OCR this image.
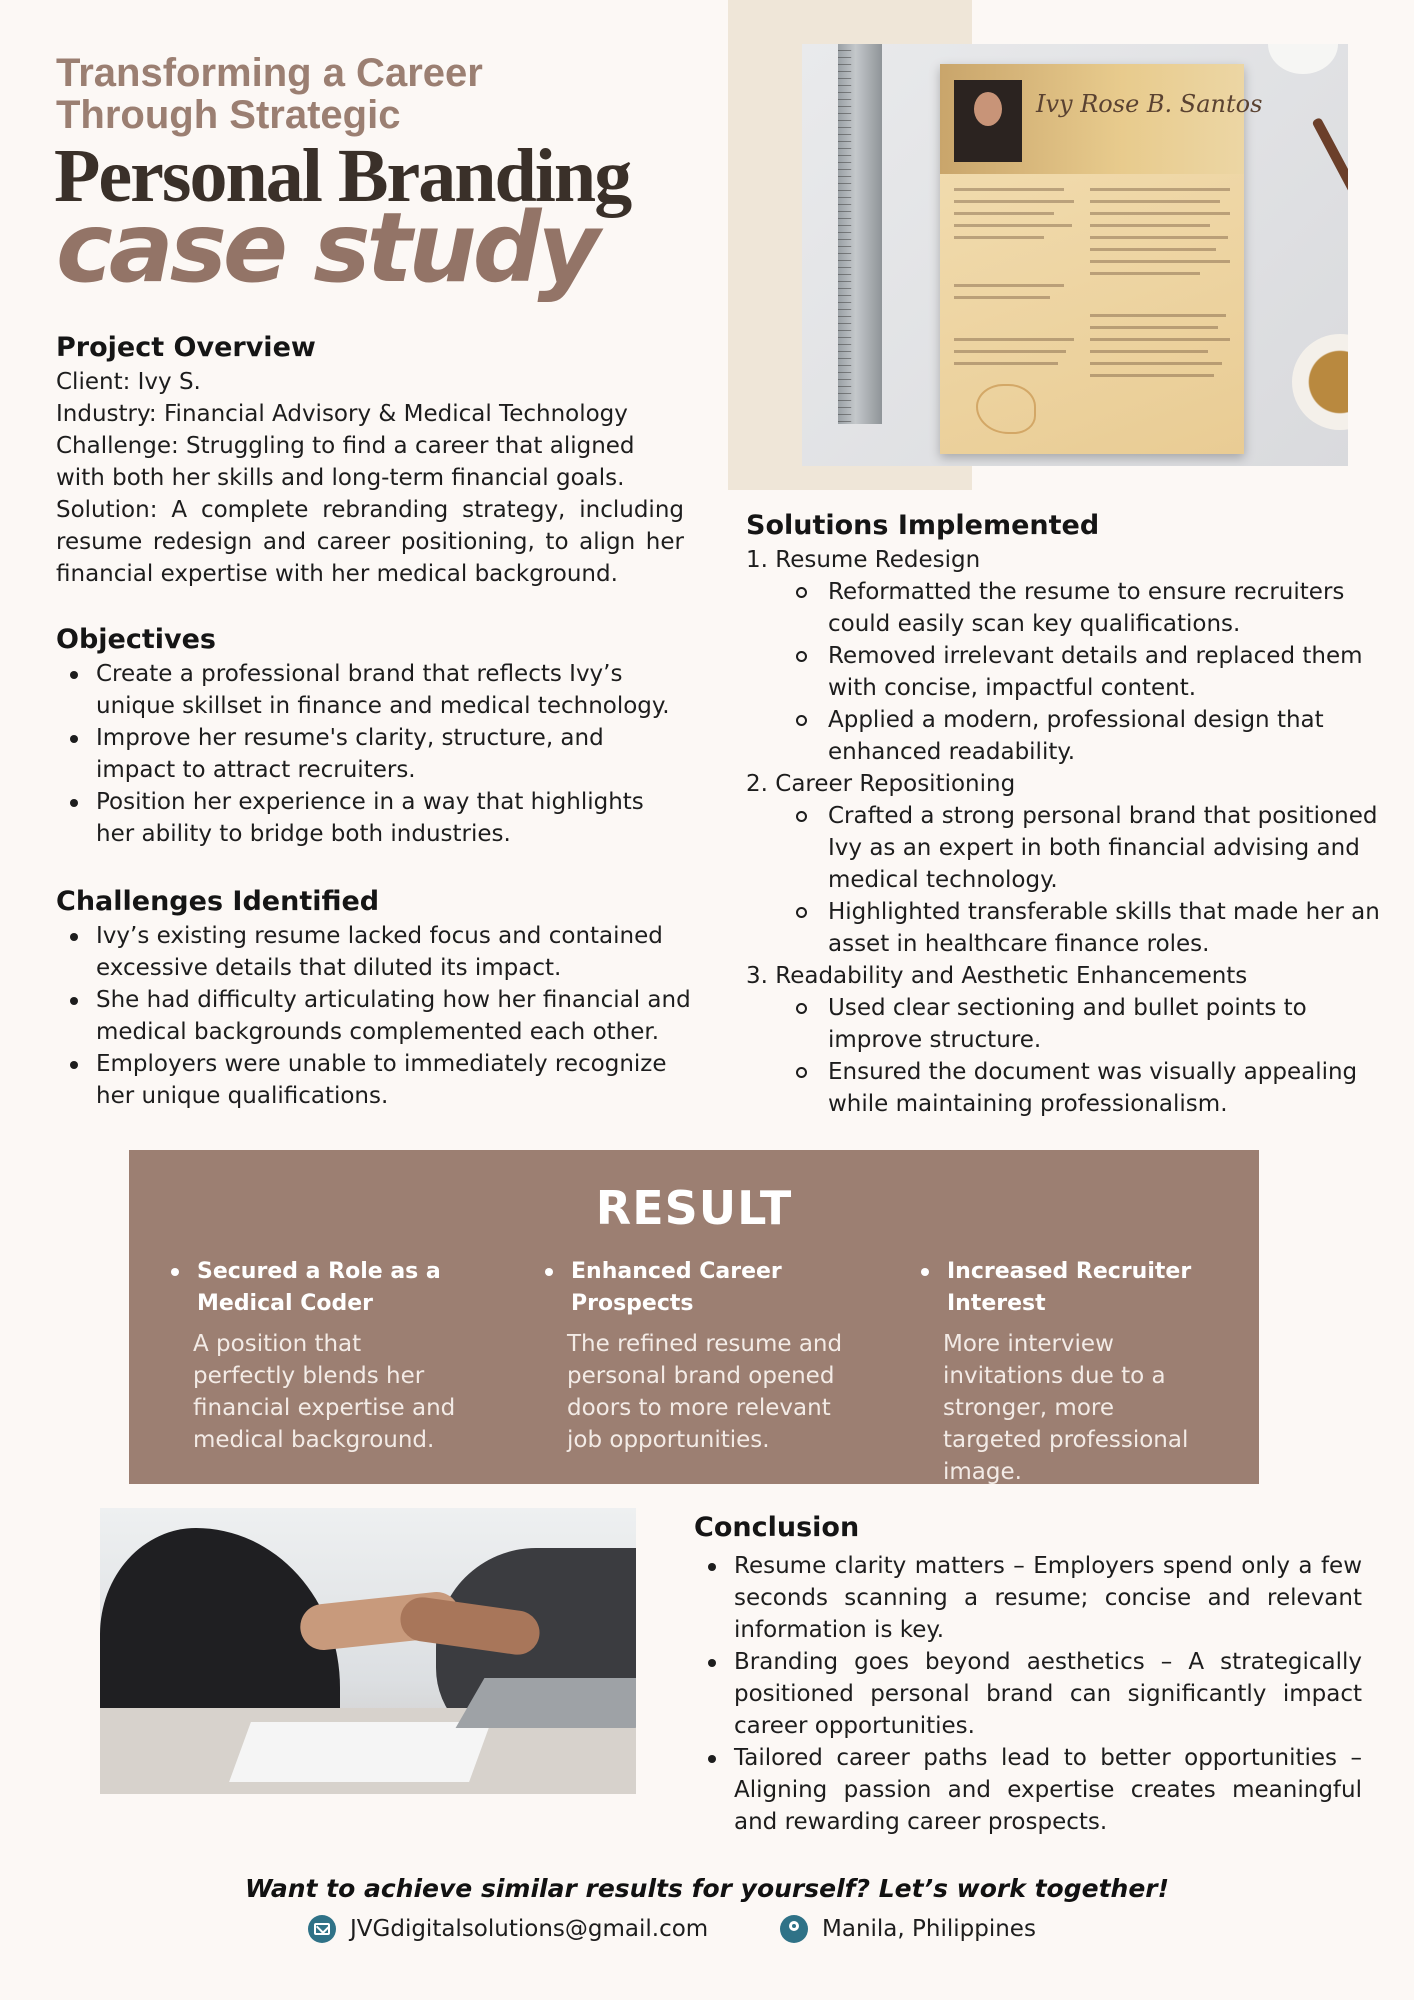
Transforming a Career
Through Strategic
Personal Branding
case study
Project Overview
Client: Ivy S.
Industry: Financial Advisory & Medical Technology
Challenge: Struggling to find a career that aligned with both her skills and long-term financial goals.
Solution: A complete rebranding strategy, including resume redesign and career positioning, to align her financial expertise with her medical background.
Objectives
Create a professional brand that reflects Ivy’s unique skillset in finance and medical technology.
Improve her resume's clarity, structure, and impact to attract recruiters.
Position her experience in a way that highlights her ability to bridge both industries.
Challenges Identified
Ivy’s existing resume lacked focus and contained excessive details that diluted its impact.
She had difficulty articulating how her financial and medical backgrounds complemented each other.
Employers were unable to immediately recognize her unique qualifications.
Ivy Rose B. Santos
Solutions Implemented
1. Resume Redesign
Reformatted the resume to ensure recruiters could easily scan key qualifications.
Removed irrelevant details and replaced them with concise, impactful content.
Applied a modern, professional design that enhanced readability.
2. Career Repositioning
Crafted a strong personal brand that positioned Ivy as an expert in both financial advising and medical technology.
Highlighted transferable skills that made her an asset in healthcare finance roles.
3. Readability and Aesthetic Enhancements
Used clear sectioning and bullet points to improve structure.
Ensured the document was visually appealing while maintaining professionalism.
RESULT
Secured a Role as a Medical Coder
A position that perfectly blends her financial expertise and medical background.
Enhanced Career Prospects
The refined resume and personal brand opened doors to more relevant job opportunities.
Increased Recruiter Interest
More interview invitations due to a stronger, more targeted professional image.
Conclusion
Resume clarity matters – Employers spend only a few seconds scanning a resume; concise and relevant information is key.
Branding goes beyond aesthetics – A strategically positioned personal brand can significantly impact career opportunities.
Tailored career paths lead to better opportunities – Aligning passion and expertise creates meaningful and rewarding career prospects.
Want to achieve similar results for yourself? Let’s work together!
JVGdigitalsolutions@gmail.com	Manila, Philippines
